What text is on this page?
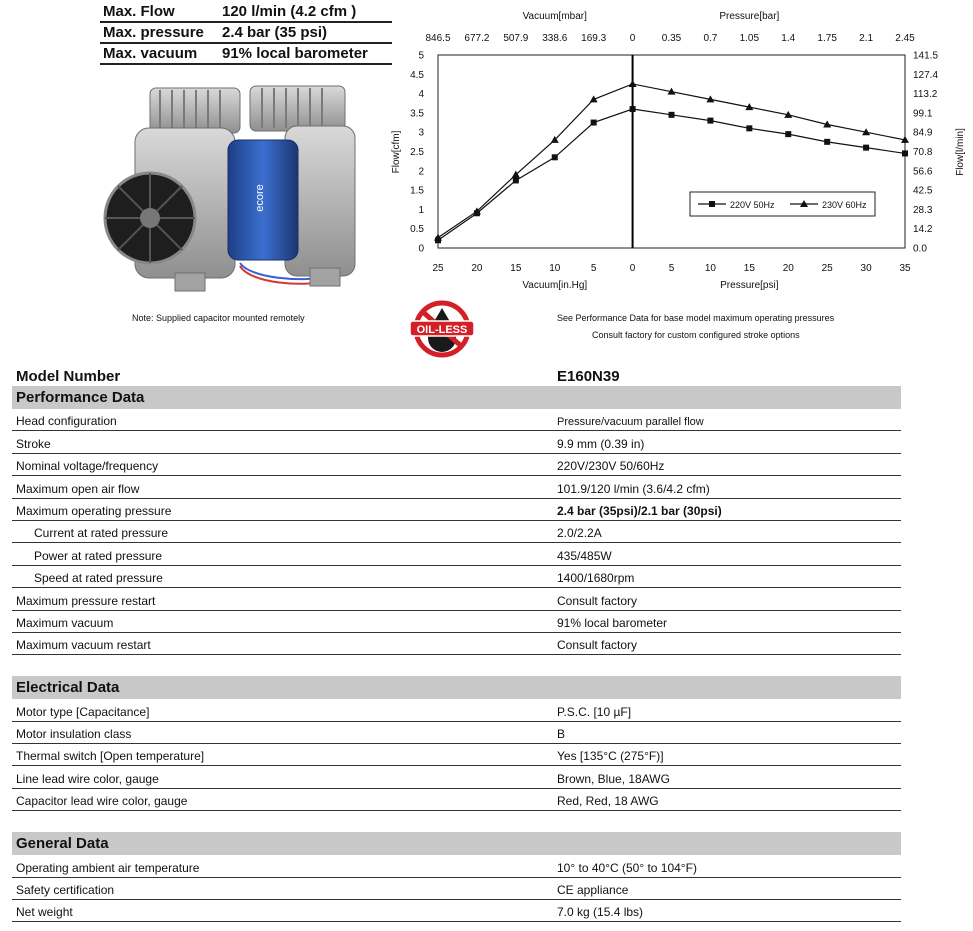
Max. Flow	120 l/min (4.2 cfm )
Max. pressure	2.4 bar (35 psi)
Max. vacuum	91% local barometer
ecore
Note: Supplied capacitor mounted remotely
OIL-LESS
846.5 677.2 507.9 338.6 169.3 0	0.35 0.7 1.05 1.4 1.75 2.1 2.45
Vacuum[mbar]	Pressure[bar]
25	20	15	10	5	0	5	10	15	20	25	30	35
Vacuum[in.Hg]	Pressure[psi]
5
4.5
4
3.5
3
2.5
2
1.5
1
0.5
0
141.5
127.4
113.2
99.1
84.9
70.8
56.6
42.5
28.3
14.2
0.0
Flow[cfm]	Flow[l/min]
220V 50Hz	230V 60Hz
See Performance Data for base model maximum operating pressures
Consult factory for custom configured stroke options
Model Number	E160N39
Performance Data
Head configuration	Pressure/vacuum parallel flow
Stroke	9.9 mm (0.39 in)
Nominal voltage/frequency	220V/230V 50/60Hz
Maximum open air flow	101.9/120 l/min (3.6/4.2 cfm)
Maximum operating pressure	2.4 bar (35psi)/2.1 bar (30psi)
Current at rated pressure	2.0/2.2A
Power at rated pressure	435/485W
Speed at rated pressure	1400/1680rpm
Maximum pressure restart	Consult factory
Maximum vacuum	91% local barometer
Maximum vacuum restart	Consult factory
Electrical Data
Motor type [Capacitance]	P.S.C. [10 µF]
Motor insulation class	B
Thermal switch [Open temperature]	Yes [135°C (275°F)]
Line lead wire color, gauge	Brown, Blue, 18AWG
Capacitor lead wire color, gauge	Red, Red, 18 AWG
General Data
Operating ambient air temperature	10° to 40°C (50° to 104°F)
Safety certification	CE appliance
Net weight	7.0 kg (15.4 lbs)
